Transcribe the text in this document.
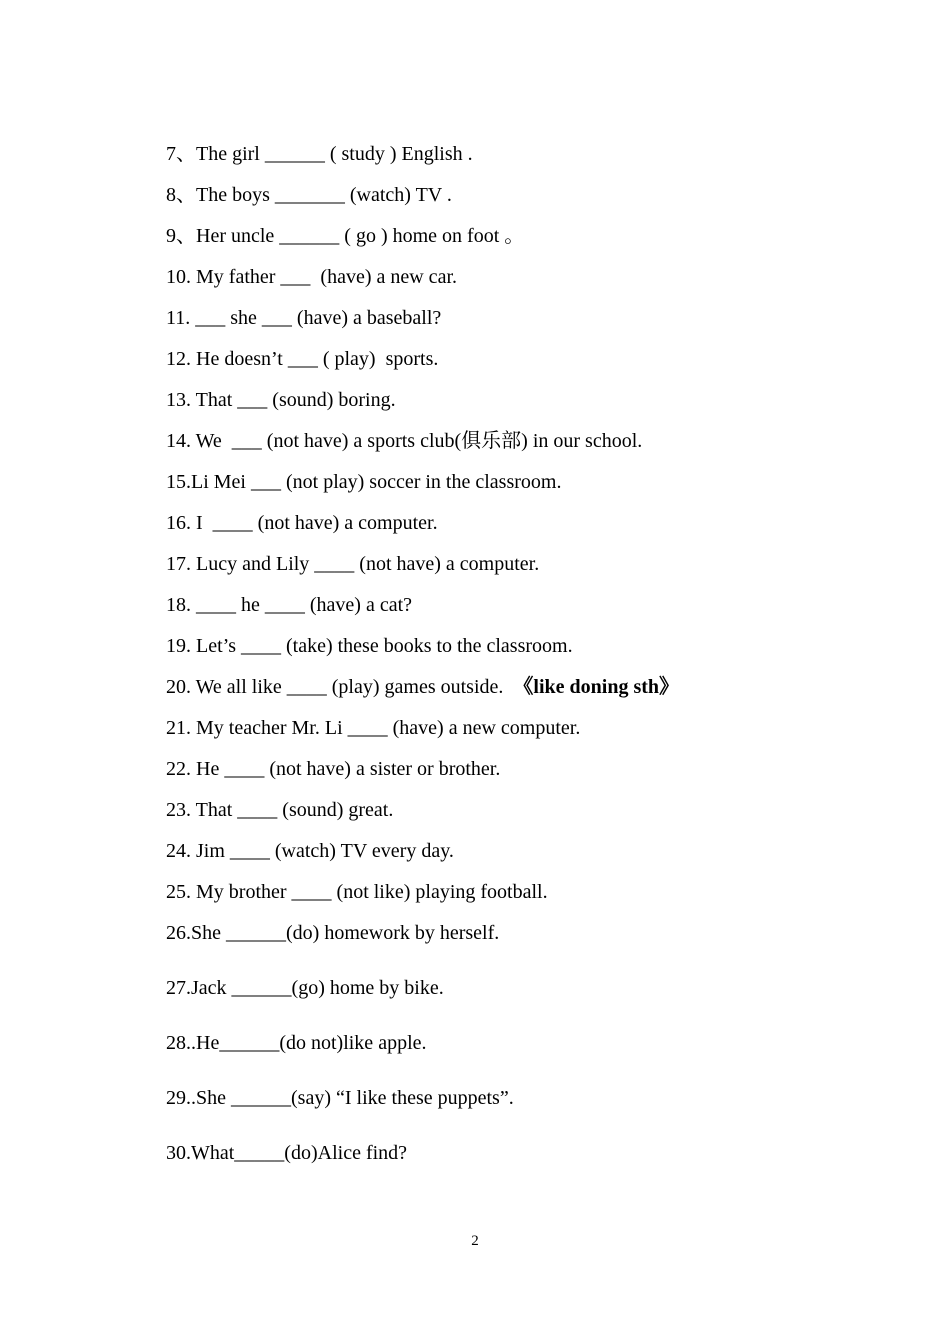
7、The girl ______ ( study ) English .
8、The boys _______ (watch) TV .
9、Her uncle ______ ( go ) home on foot 。
10. My father ___  (have) a new car.
11. ___ she ___ (have) a baseball?
12. He doesn’t ___ ( play)  sports.
13. That ___ (sound) boring.
14. We  ___ (not have) a sports club(俱乐部) in our school.
15.Li Mei ___ (not play) soccer in the classroom.
16. I  ____ (not have) a computer.
17. Lucy and Lily ____ (not have) a computer.
18. ____ he ____ (have) a cat?
19. Let’s ____ (take) these books to the classroom.
20. We all like ____ (play) games outside.  《like doning sth》
21. My teacher Mr. Li ____ (have) a new computer.
22. He ____ (not have) a sister or brother.
23. That ____ (sound) great.
24. Jim ____ (watch) TV every day.
25. My brother ____ (not like) playing football.
26.She ______(do) homework by herself.
27.Jack ______(go) home by bike.
28..He______(do not)like apple.
29..She ______(say) “I like these puppets”.
30.What_____(do)Alice find?
2
